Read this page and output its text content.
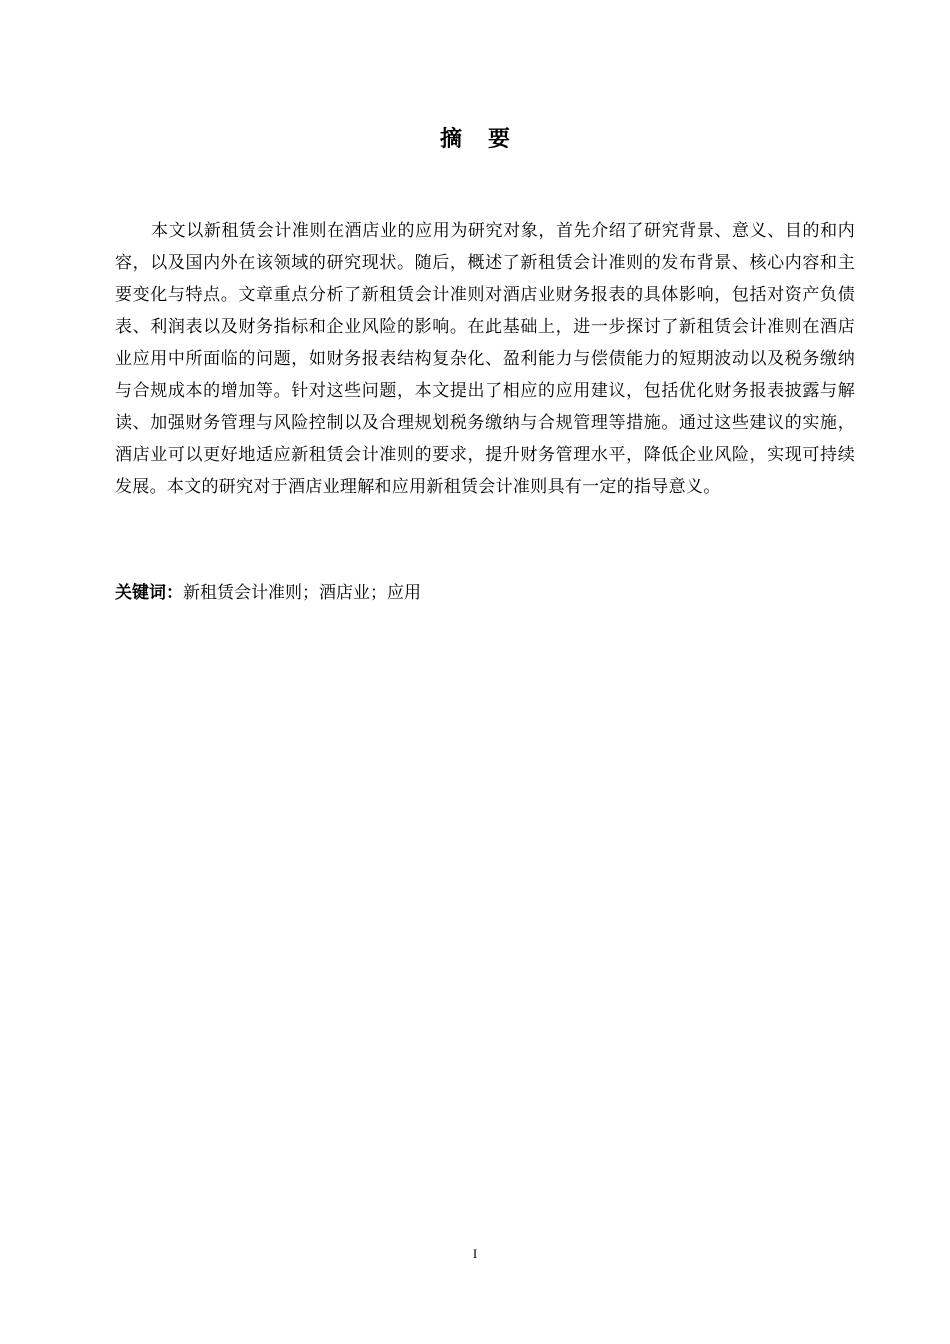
摘 要

本文以新租赁会计准则在酒店业的应用为研究对象，首先介绍了研究背景、意义、目的和内容，以及国内外在该领域的研究现状。随后，概述了新租赁会计准则的发布背景、核心内容和主要变化与特点。文章重点分析了新租赁会计准则对酒店业财务报表的具体影响，包括对资产负债表、利润表以及财务指标和企业风险的影响。在此基础上，进一步探讨了新租赁会计准则在酒店业应用中所面临的问题，如财务报表结构复杂化、盈利能力与偿债能力的短期波动以及税务缴纳与合规成本的增加等。针对这些问题，本文提出了相应的应用建议，包括优化财务报表披露与解读、加强财务管理与风险控制以及合理规划税务缴纳与合规管理等措施。通过这些建议的实施，酒店业可以更好地适应新租赁会计准则的要求，提升财务管理水平，降低企业风险，实现可持续发展。本文的研究对于酒店业理解和应用新租赁会计准则具有一定的指导意义。

关键词：新租赁会计准则；酒店业；应用

I
